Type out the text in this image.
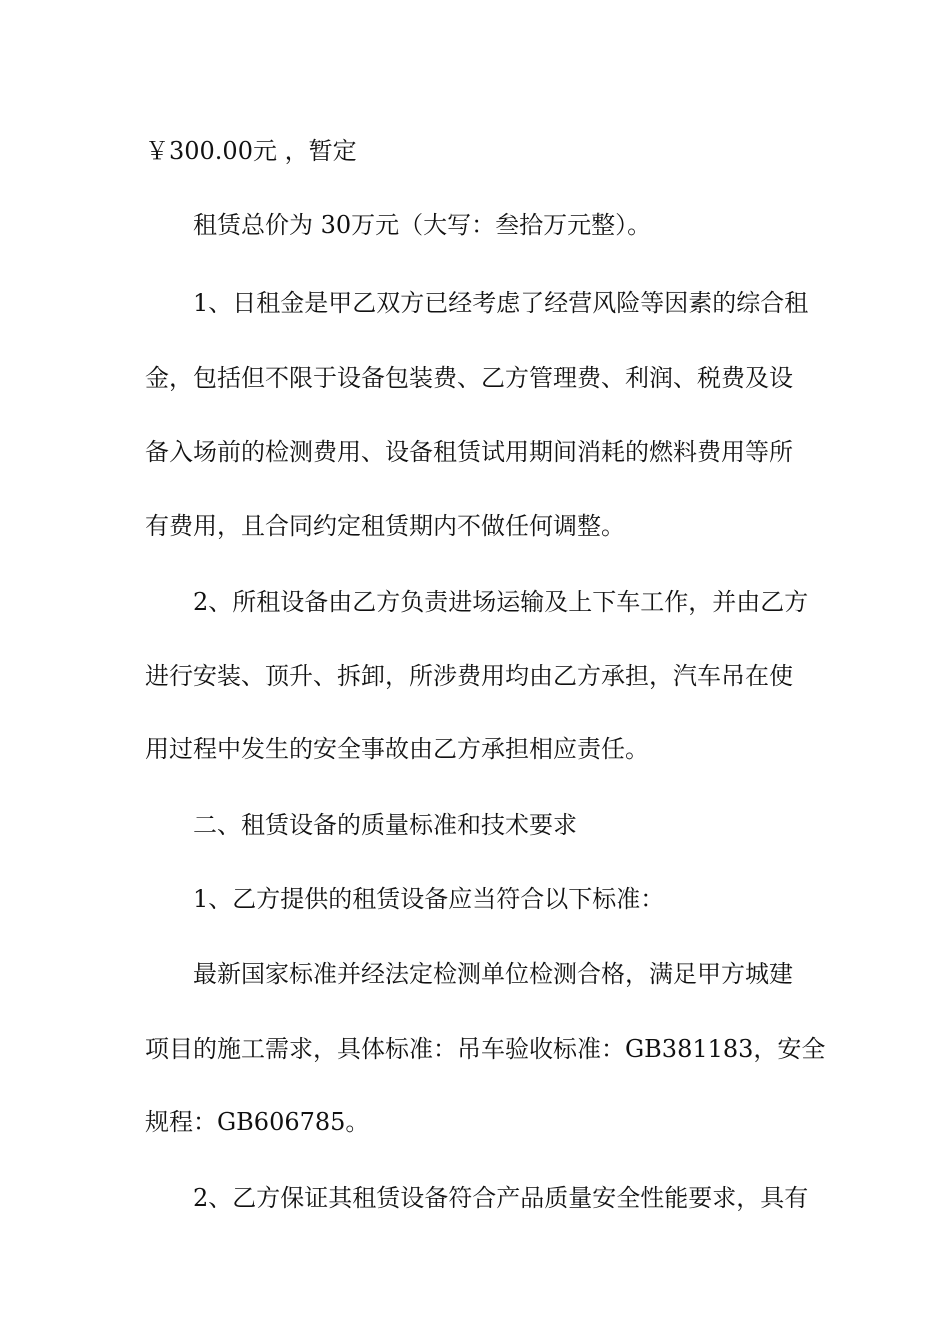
￥300.00元 ，暂定

租赁总价为 30万元（大写：叁拾万元整）。

1、日租金是甲乙双方已经考虑了经营风险等因素的综合租

金，包括但不限于设备包装费、乙方管理费、利润、税费及设

备入场前的检测费用、设备租赁试用期间消耗的燃料费用等所

有费用，且合同约定租赁期内不做任何调整。

2、所租设备由乙方负责进场运输及上下车工作，并由乙方

进行安装、顶升、拆卸，所涉费用均由乙方承担，汽车吊在使

用过程中发生的安全事故由乙方承担相应责任。

二、租赁设备的质量标准和技术要求

1、乙方提供的租赁设备应当符合以下标准：

最新国家标准并经法定检测单位检测合格，满足甲方城建

项目的施工需求，具体标准：吊车验收标准：GB381183，安全

规程：GB606785。

2、乙方保证其租赁设备符合产品质量安全性能要求，具有
